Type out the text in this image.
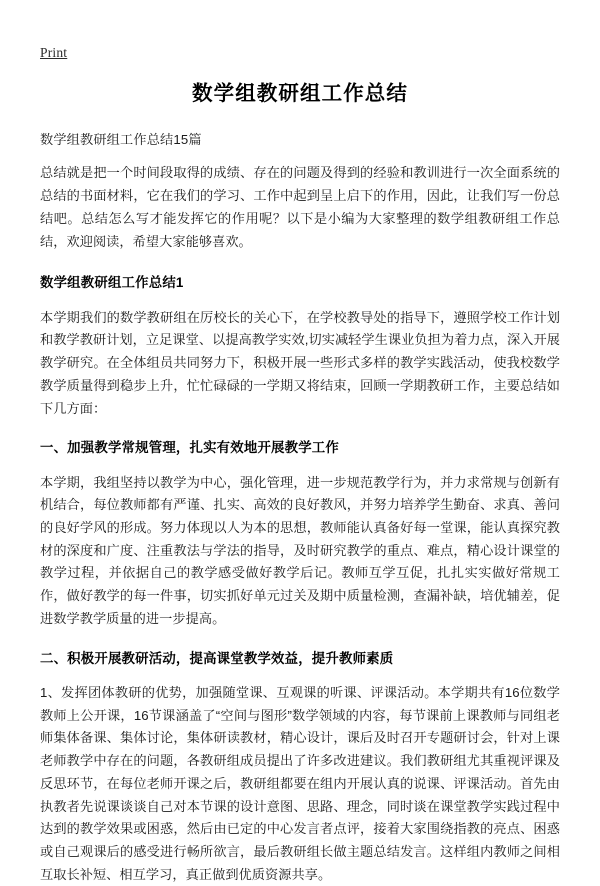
Print
数学组教研组工作总结
数学组教研组工作总结15篇

总结就是把一个时间段取得的成绩、存在的问题及得到的经验和教训进行一次全面系统的总结的书面材料，它在我们的学习、工作中起到呈上启下的作用，因此，让我们写一份总结吧。总结怎么写才能发挥它的作用呢？以下是小编为大家整理的数学组教研组工作总结，欢迎阅读，希望大家能够喜欢。

数学组教研组工作总结1

本学期我们的数学教研组在厉校长的关心下，在学校教导处的指导下，遵照学校工作计划和教学教研计划，立足课堂、以提高教学实效,切实减轻学生课业负担为着力点，深入开展教学研究。在全体组员共同努力下，积极开展一些形式多样的教学实践活动，使我校数学教学质量得到稳步上升，忙忙碌碌的一学期又将结束，回顾一学期教研工作，主要总结如下几方面：

一、加强教学常规管理，扎实有效地开展教学工作

本学期，我组坚持以教学为中心，强化管理，进一步规范教学行为，并力求常规与创新有机结合，每位教师都有严谨、扎实、高效的良好教风，并努力培养学生勤奋、求真、善问的良好学风的形成。努力体现以人为本的思想，教师能认真备好每一堂课，能认真探究教材的深度和广度、注重教法与学法的指导，及时研究教学的重点、难点，精心设计课堂的教学过程，并依据自己的教学感受做好教学后记。教师互学互促，扎扎实实做好常规工作，做好教学的每一件事，切实抓好单元过关及期中质量检测，查漏补缺，培优辅差，促进数学教学质量的进一步提高。

二、积极开展教研活动，提高课堂教学效益，提升教师素质

1、发挥团体教研的优势，加强随堂课、互观课的听课、评课活动。本学期共有16位数学教师上公开课，16节课涵盖了“空间与图形”数学领域的内容，每节课前上课教师与同组老师集体备课、集体讨论，集体研读教材，精心设计，课后及时召开专题研讨会，针对上课老师教学中存在的问题，各教研组成员提出了许多改进建议。我们教研组尤其重视评课及反思环节，在每位老师开课之后，教研组都要在组内开展认真的说课、评课活动。首先由执教者先说课谈谈自己对本节课的设计意图、思路、理念，同时谈在课堂教学实践过程中达到的教学效果或困惑，然后由已定的中心发言者点评，接着大家围绕指教的亮点、困惑或自己观课后的感受进行畅所欲言，最后教研组长做主题总结发言。这样组内教师之间相互取长补短、相互学习，真正做到优质资源共享。
